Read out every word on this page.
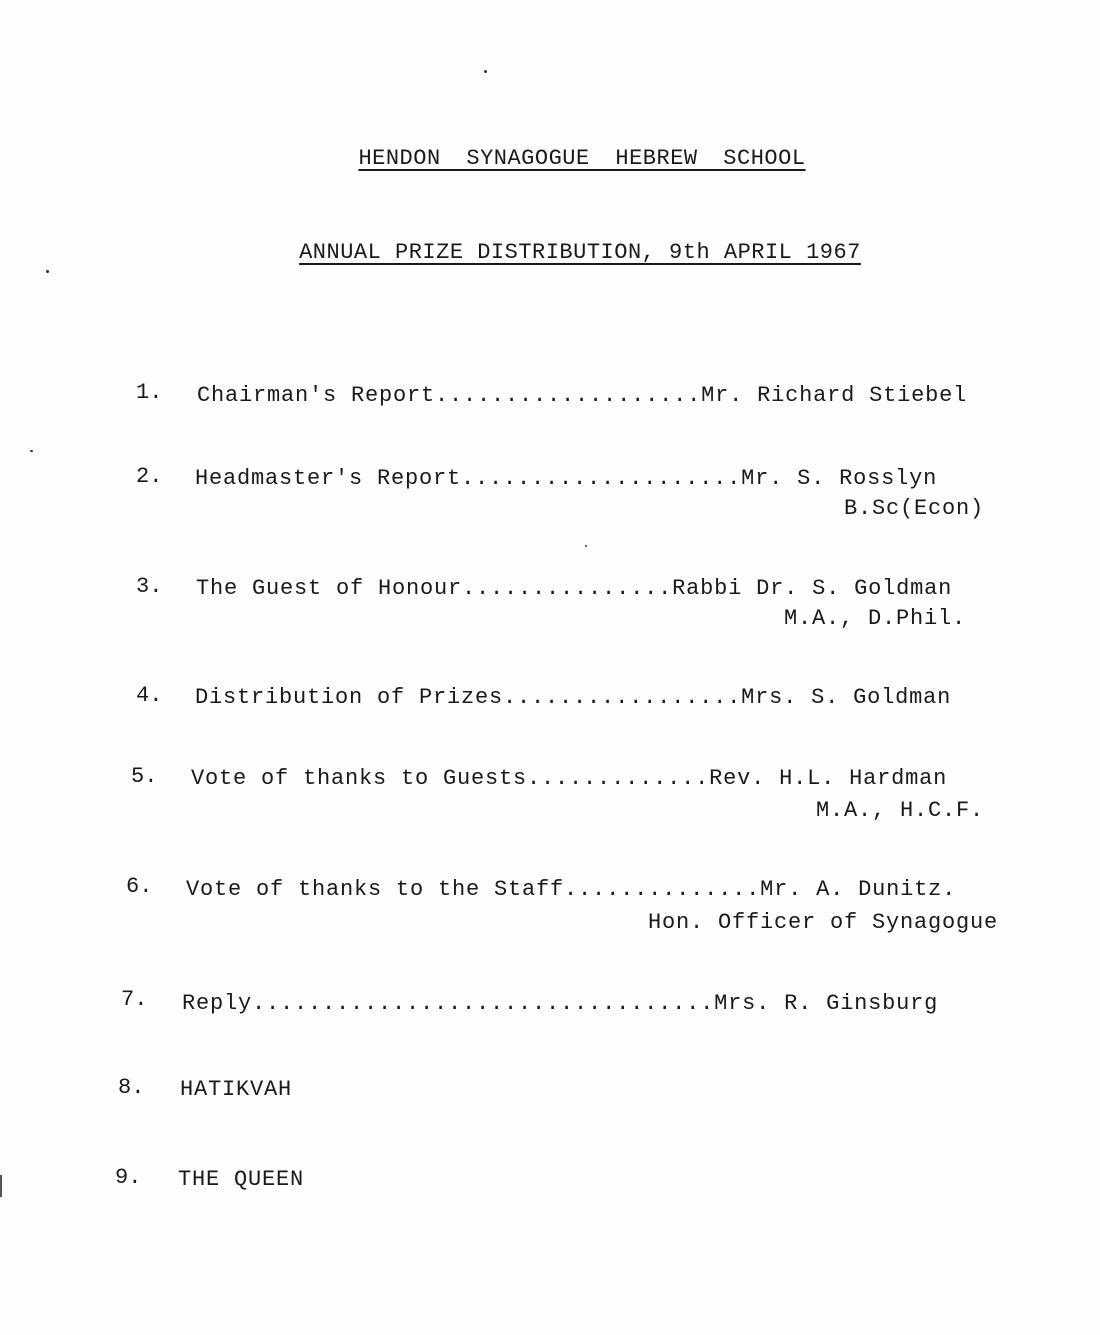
HENDON SYNAGOGUE HEBREW SCHOOL
ANNUAL PRIZE DISTRIBUTION, 9th APRIL 1967
1. Chairman's Report...................Mr. Richard Stiebel
2. Headmaster's Report....................Mr. S. Rosslyn
B.Sc(Econ)
3. The Guest of Honour...............Rabbi Dr. S. Goldman
M.A., D.Phil.
4. Distribution of Prizes.................Mrs. S. Goldman
5. Vote of thanks to Guests.............Rev. H.L. Hardman
M.A., H.C.F.
6. Vote of thanks to the Staff..............Mr. A. Dunitz.
Hon. Officer of Synagogue
7. Reply.................................Mrs. R. Ginsburg
8. HATIKVAH
9. THE QUEEN
